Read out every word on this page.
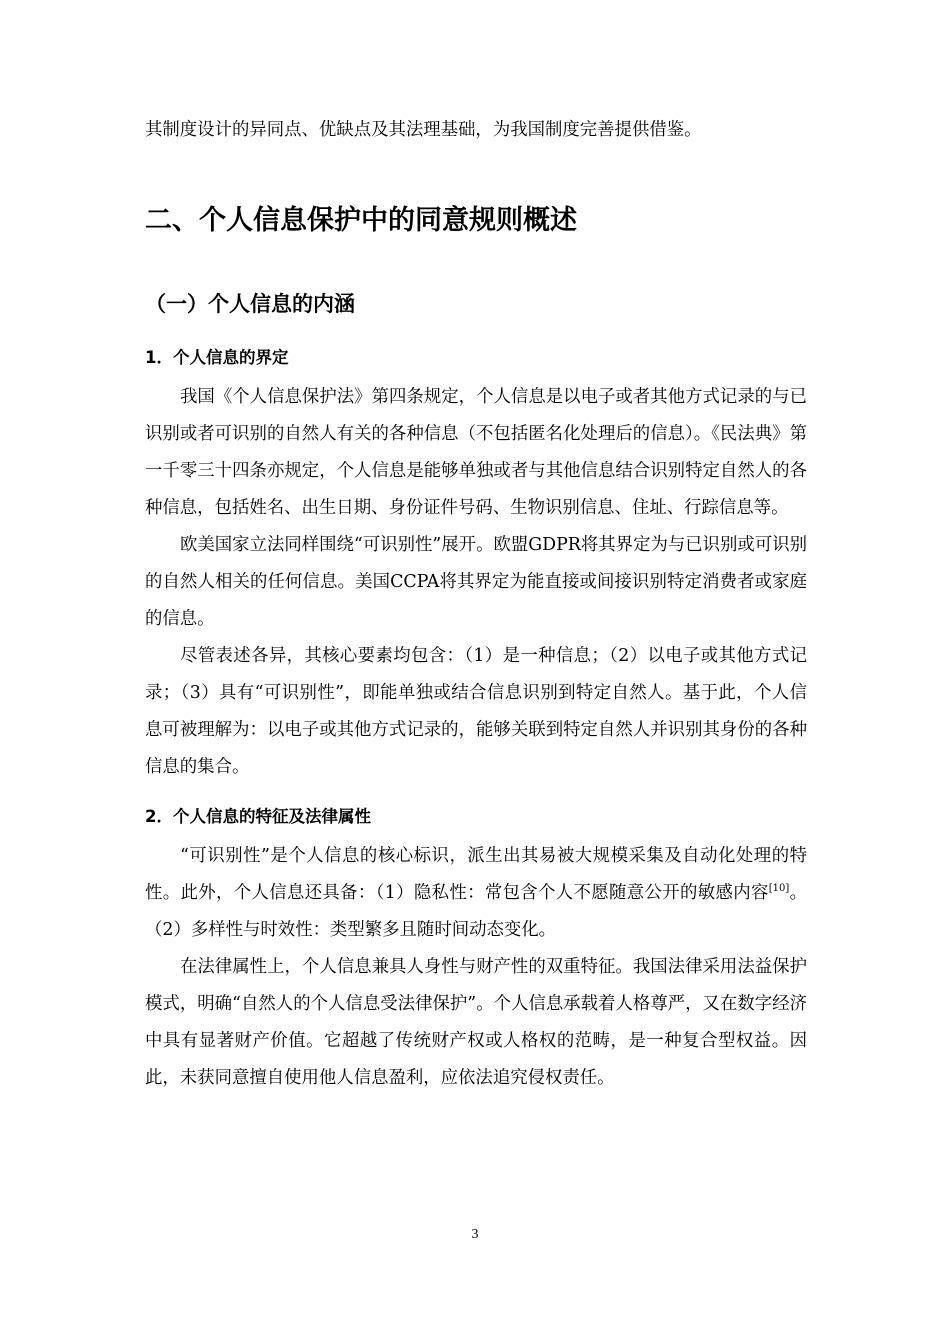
其制度设计的异同点、优缺点及其法理基础，为我国制度完善提供借鉴。

二、个人信息保护中的同意规则概述
（一）个人信息的内涵
1．个人信息的界定

我国《个人信息保护法》第四条规定，个人信息是以电子或者其他方式记录的与已识别或者可识别的自然人有关的各种信息（不包括匿名化处理后的信息）。《民法典》第一千零三十四条亦规定，个人信息是能够单独或者与其他信息结合识别特定自然人的各种信息，包括姓名、出生日期、身份证件号码、生物识别信息、住址、行踪信息等。

欧美国家立法同样围绕“可识别性”展开。欧盟GDPR将其界定为与已识别或可识别的自然人相关的任何信息。美国CCPA将其界定为能直接或间接识别特定消费者或家庭的信息。

尽管表述各异，其核心要素均包含：（1）是一种信息；（2）以电子或其他方式记录；（3）具有“可识别性”，即能单独或结合信息识别到特定自然人。基于此，个人信息可被理解为：以电子或其他方式记录的，能够关联到特定自然人并识别其身份的各种信息的集合。

2．个人信息的特征及法律属性

“可识别性”是个人信息的核心标识，派生出其易被大规模采集及自动化处理的特性。此外，个人信息还具备：（1）隐私性：常包含个人不愿随意公开的敏感内容[10]。（2）多样性与时效性：类型繁多且随时间动态变化。

在法律属性上，个人信息兼具人身性与财产性的双重特征。我国法律采用法益保护模式，明确“自然人的个人信息受法律保护”。个人信息承载着人格尊严，又在数字经济中具有显著财产价值。它超越了传统财产权或人格权的范畴，是一种复合型权益。因此，未获同意擅自使用他人信息盈利，应依法追究侵权责任。

3
